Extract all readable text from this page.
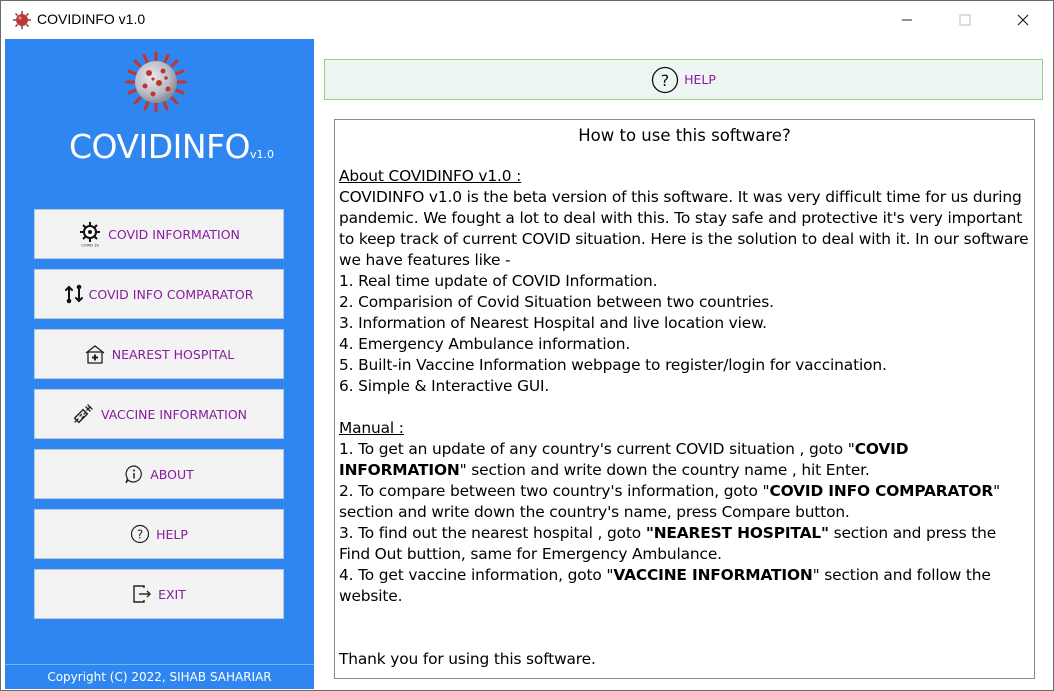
COVIDINFO v1.0
COVIDINFOv1.0
COVID 19
COVID INFORMATION
COVID INFO COMPARATOR
NEAREST HOSPITAL
VACCINE INFORMATION
ABOUT
? HELP
EXIT
Copyright (C) 2022, SIHAB SAHARIAR
? HELP
How to use this software?

About COVIDINFO v1.0 :

COVIDINFO v1.0 is the beta version of this software. It was very difficult time for us during pandemic. We fought a lot to deal with this. To stay safe and protective it's very important to keep track of current COVID situation. Here is the solution to deal with it. In our software we have features like -

1. Real time update of COVID Information.

2. Comparision of Covid Situation between two countries.

3. Information of Nearest Hospital and live location view.

4. Emergency Ambulance information.

5. Built-in Vaccine Information webpage to register/login for vaccination.

6. Simple & Interactive GUI.

Manual :

1. To get an update of any country's current COVID situation , goto "COVID INFORMATION" section and write down the country name , hit Enter.

2. To compare between two country's information, goto "COVID INFO COMPARATOR" section and write down the country's name, press Compare button.

3. To find out the nearest hospital , goto "NEAREST HOSPITAL" section and press the Find Out buttion, same for Emergency Ambulance.

4. To get vaccine information, goto "VACCINE INFORMATION" section and follow the website.

Thank you for using this software.
